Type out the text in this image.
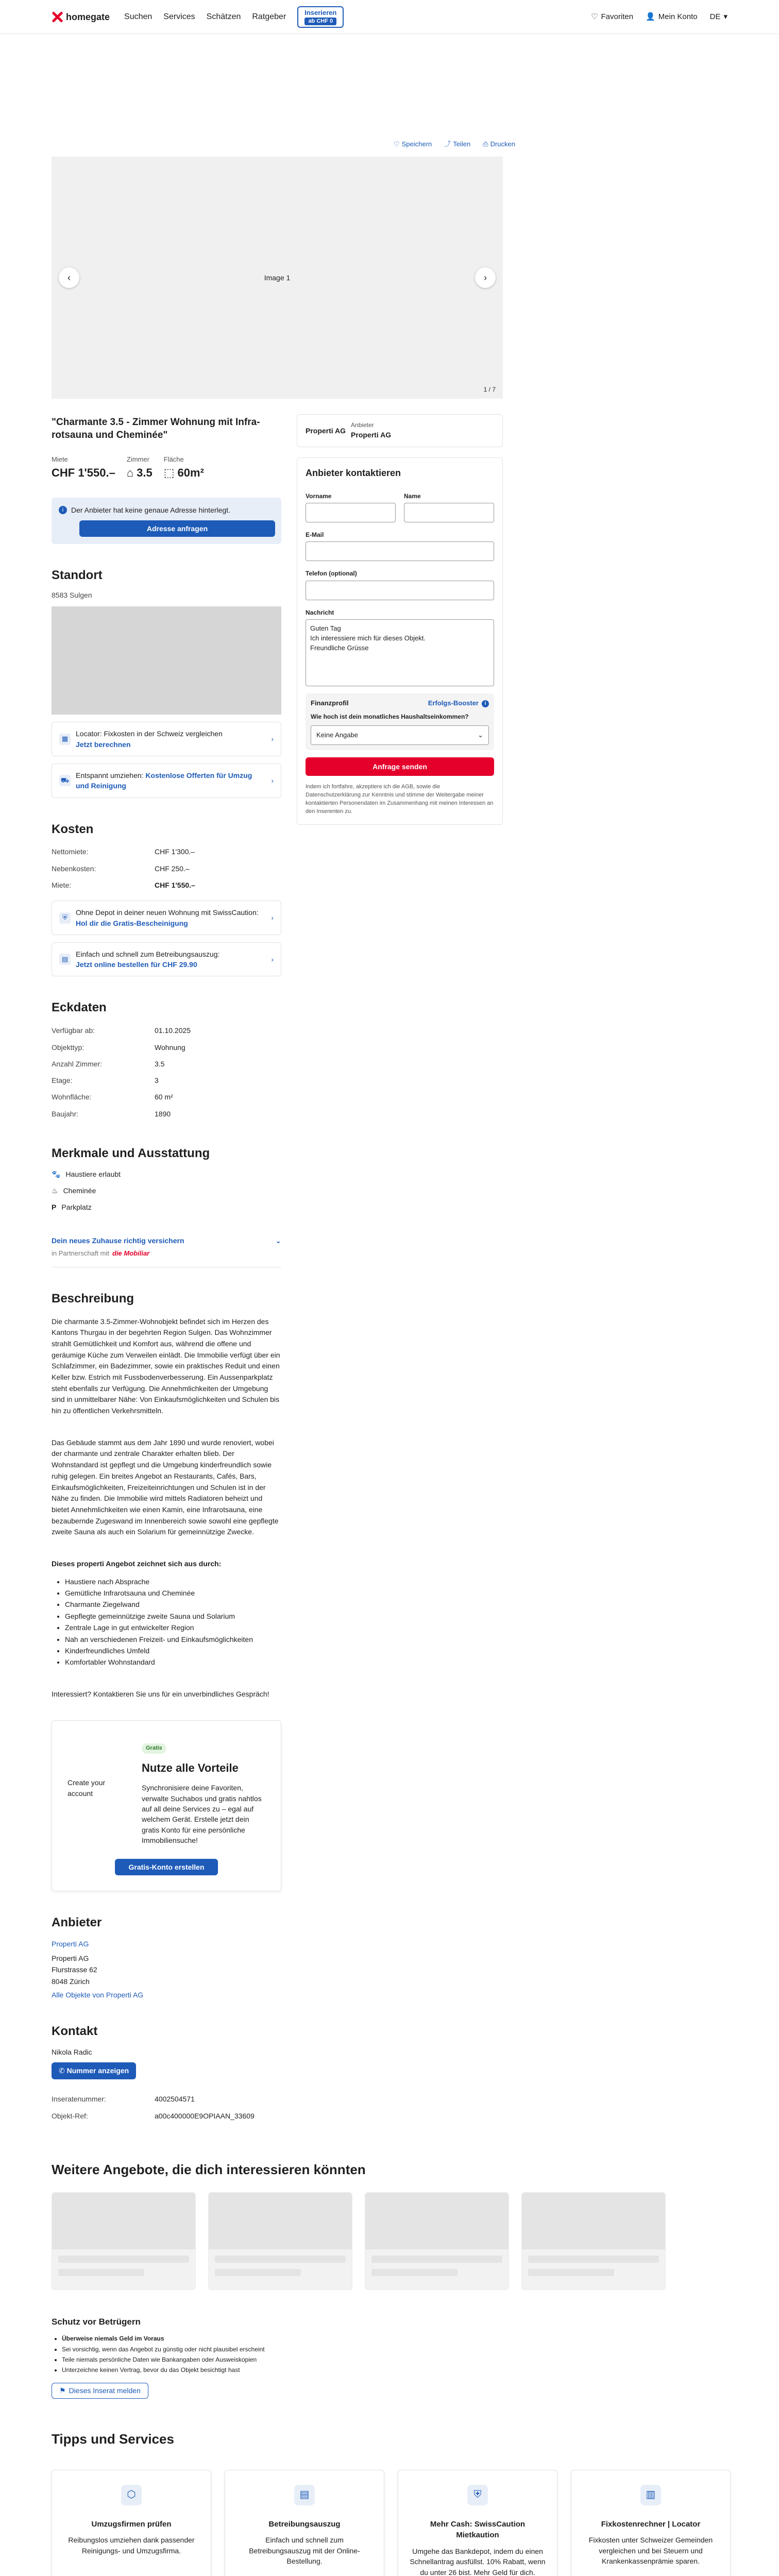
homegate Suchen Services Schätzen Ratgeber	Inserieren
ab CHF 0	♡ Favoriten 👤 Mein Konto DE ▾
♡ Speichern ⤴ Teilen ⎙ Drucken
Image 1
‹	›
1 / 7
"Charmante 3.5 - Zimmer Wohnung mit Infra-rotsauna und Cheminée"
Miete
CHF 1'550.–
Zimmer
⌂ 3.5
Fläche
⬚ 60m²
i	Der Anbieter hat keine genaue Adresse hinterlegt.
Adresse anfragen
Standort
8583 Sulgen
▦
Locator: Fixkosten in der Schweiz vergleichen
Jetzt berechnen
›
⛟
Entspannt umziehen: Kostenlose Offerten für Umzug und Reinigung
›
Kosten
Nettomiete:	CHF 1'300.–
Nebenkosten:	CHF 250.–
Miete:	CHF 1'550.–
⛨
Ohne Depot in deiner neuen Wohnung mit SwissCaution: Hol dir die Gratis-Bescheinigung
›
▤
Einfach und schnell zum Betreibungsauszug:
Jetzt online bestellen für CHF 29.90
›
Eckdaten
Verfügbar ab:	01.10.2025
Objekttyp:	Wohnung
Anzahl Zimmer:	3.5
Etage:	3
Wohnfläche:	60 m²
Baujahr:	1890
Merkmale und Ausstattung
🐾 Haustiere erlaubt
♨ Cheminée
P Parkplatz
Dein neues Zuhause richtig versichern	⌄
in Partnerschaft mit die Mobiliar
Beschreibung

Die charmante 3.5-Zimmer-Wohnobjekt befindet sich im Herzen des Kantons Thurgau in der begehrten Region Sulgen. Das Wohnzimmer strahlt Gemütlichkeit und Komfort aus, während die offene und geräumige Küche zum Verweilen einlädt. Die Immobilie verfügt über ein Schlafzimmer, ein Badezimmer, sowie ein praktisches Reduit und einen Keller bzw. Estrich mit Fussbodenverbesserung. Ein Aussenparkplatz steht ebenfalls zur Verfügung. Die Annehmlichkeiten der Umgebung sind in unmittelbarer Nähe: Von Einkaufsmöglichkeiten und Schulen bis hin zu öffentlichen Verkehrsmitteln.

Das Gebäude stammt aus dem Jahr 1890 und wurde renoviert, wobei der charmante und zentrale Charakter erhalten blieb. Der Wohnstandard ist gepflegt und die Umgebung kinderfreundlich sowie ruhig gelegen. Ein breites Angebot an Restaurants, Cafés, Bars, Einkaufsmöglichkeiten, Freizeiteinrichtungen und Schulen ist in der Nähe zu finden. Die Immobilie wird mittels Radiatoren beheizt und bietet Annehmlichkeiten wie einen Kamin, eine Infrarotsauna, eine bezaubernde Zugeswand im Innenbereich sowie sowohl eine gepflegte zweite Sauna als auch ein Solarium für gemeinnützige Zwecke.

Dieses properti Angebot zeichnet sich aus durch:

• Haustiere nach Absprache
• Gemütliche Infrarotsauna und Cheminée
• Charmante Ziegelwand
• Gepflegte gemeinnützige zweite Sauna und Solarium
• Zentrale Lage in gut entwickelter Region
• Nah an verschiedenen Freizeit- und Einkaufsmöglichkeiten
• Kinderfreundliches Umfeld
• Komfortabler Wohnstandard

Interessiert? Kontaktieren Sie uns für ein unverbindliches Gespräch!

Create your account
Gratis
Nutze alle Vorteile
Synchronisiere deine Favoriten, verwalte Suchabos und gratis nahtlos auf all deine Services zu – egal auf welchem Gerät. Erstelle jetzt dein gratis Konto für eine persönliche Immobiliensuche!
Gratis-Konto erstellen
Anbieter
Properti AG

Properti AG

Flurstrasse 62

8048 Zürich

Alle Objekte von Properti AG

Kontakt
Nikola Radic
✆ Nummer anzeigen
Inseratenummer:	4002504571
Objekt-Ref:	a00c400000E9OPIAAN_33609
Properti AG
Anbieter
Properti AG
Anbieter kontaktieren
Vorname	Name
E-Mail
Telefon (optional)
Nachricht
Guten Tag
Ich interessiere mich für dieses Objekt.
Freundliche Grüsse
Finanzprofil	Erfolgs-Booster	i
Wie hoch ist dein monatliches Haushaltseinkommen?
Keine Angabe	⌄
Anfrage senden
Indem ich fortfahre, akzeptiere ich die AGB, sowie die Datenschutzerklärung zur Kenntnis und stimme der Weitergabe meiner kontaktierten Personendaten im Zusammenhang mit meinen Interessen an den Inserenten zu.
Weitere Angebote, die dich interessieren könnten
Schutz vor Betrügern
• Überweise niemals Geld im Voraus
• Sei vorsichtig, wenn das Angebot zu günstig oder nicht plausibel erscheint
• Teile niemals persönliche Daten wie Bankangaben oder Ausweiskopien
• Unterzeichne keinen Vertrag, bevor du das Objekt besichtigt hast
⚑ Dieses Inserat melden
Tipps und Services
⬡
Umzugsfirmen prüfen

Reibungslos umziehen dank passender Reinigungs- und Umzugsfirma.

▤
Betreibungsauszug

Einfach und schnell zum Betreibungsauszug mit der Online-Bestellung.

⛨
Mehr Cash: SwissCaution Mietkaution

Umgehe das Bankdepot, indem du einen Schnellantrag ausfüllst. 10% Rabatt, wenn du unter 26 bist. Mehr Geld für dich.

▥
Fixkostenrechner | Locator

Fixkosten unter Schweizer Gemeinden vergleichen und bei Steuern und Krankenkassenprämie sparen.
